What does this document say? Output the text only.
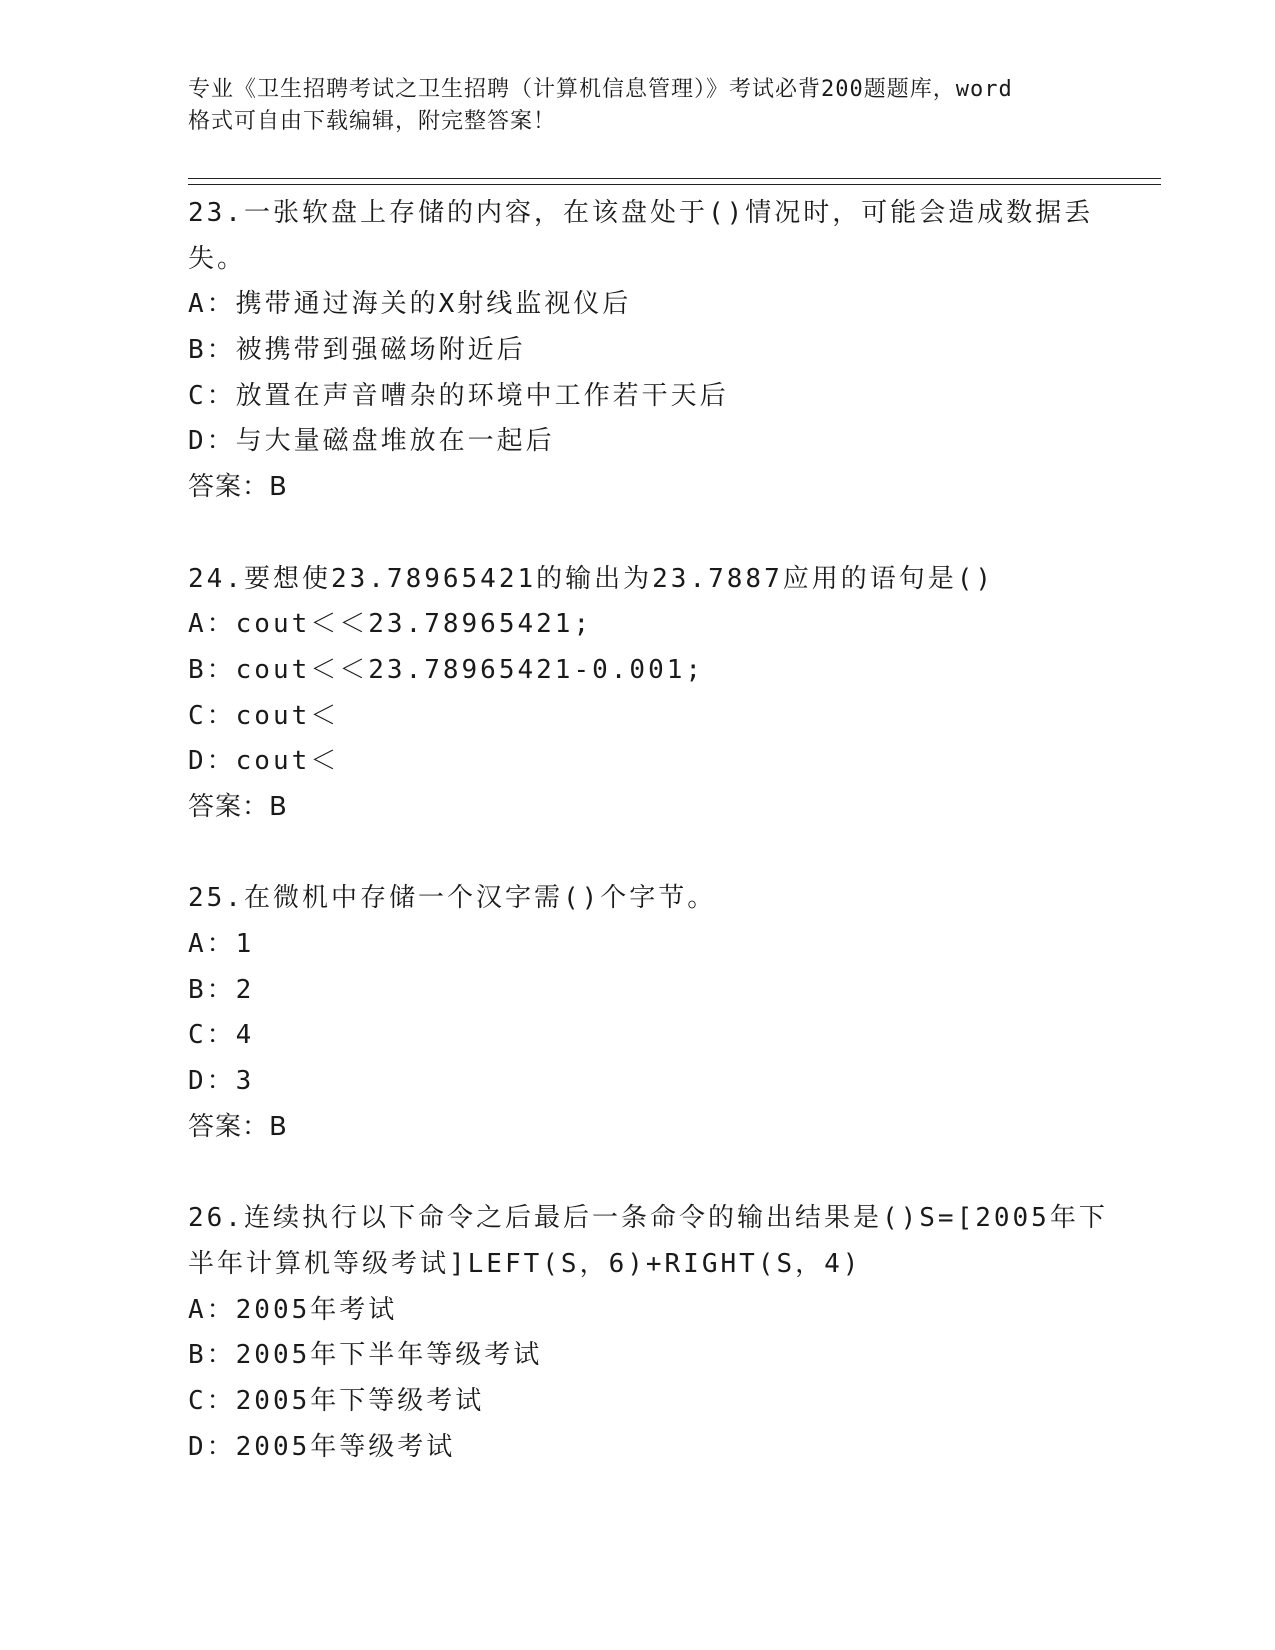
专业《卫生招聘考试之卫生招聘（计算机信息管理）》考试必背200题题库，word
格式可自由下载编辑，附完整答案！
23.一张软盘上存储的内容，在该盘处于()情况时，可能会造成数据丢
失。
A：携带通过海关的X射线监视仪后
B：被携带到强磁场附近后
C：放置在声音嘈杂的环境中工作若干天后
D：与大量磁盘堆放在一起后
答案：B
24.要想使23.78965421的输出为23.7887应用的语句是()
A：cout＜＜23.78965421;
B：cout＜＜23.78965421-0.001;
C：cout＜
D：cout＜
答案：B
25.在微机中存储一个汉字需()个字节。
A：1
B：2
C：4
D：3
答案：B
26.连续执行以下命令之后最后一条命令的输出结果是()S=[2005年下
半年计算机等级考试]LEFT(S，6)+RIGHT(S，4)
A：2005年考试
B：2005年下半年等级考试
C：2005年下等级考试
D：2005年等级考试
